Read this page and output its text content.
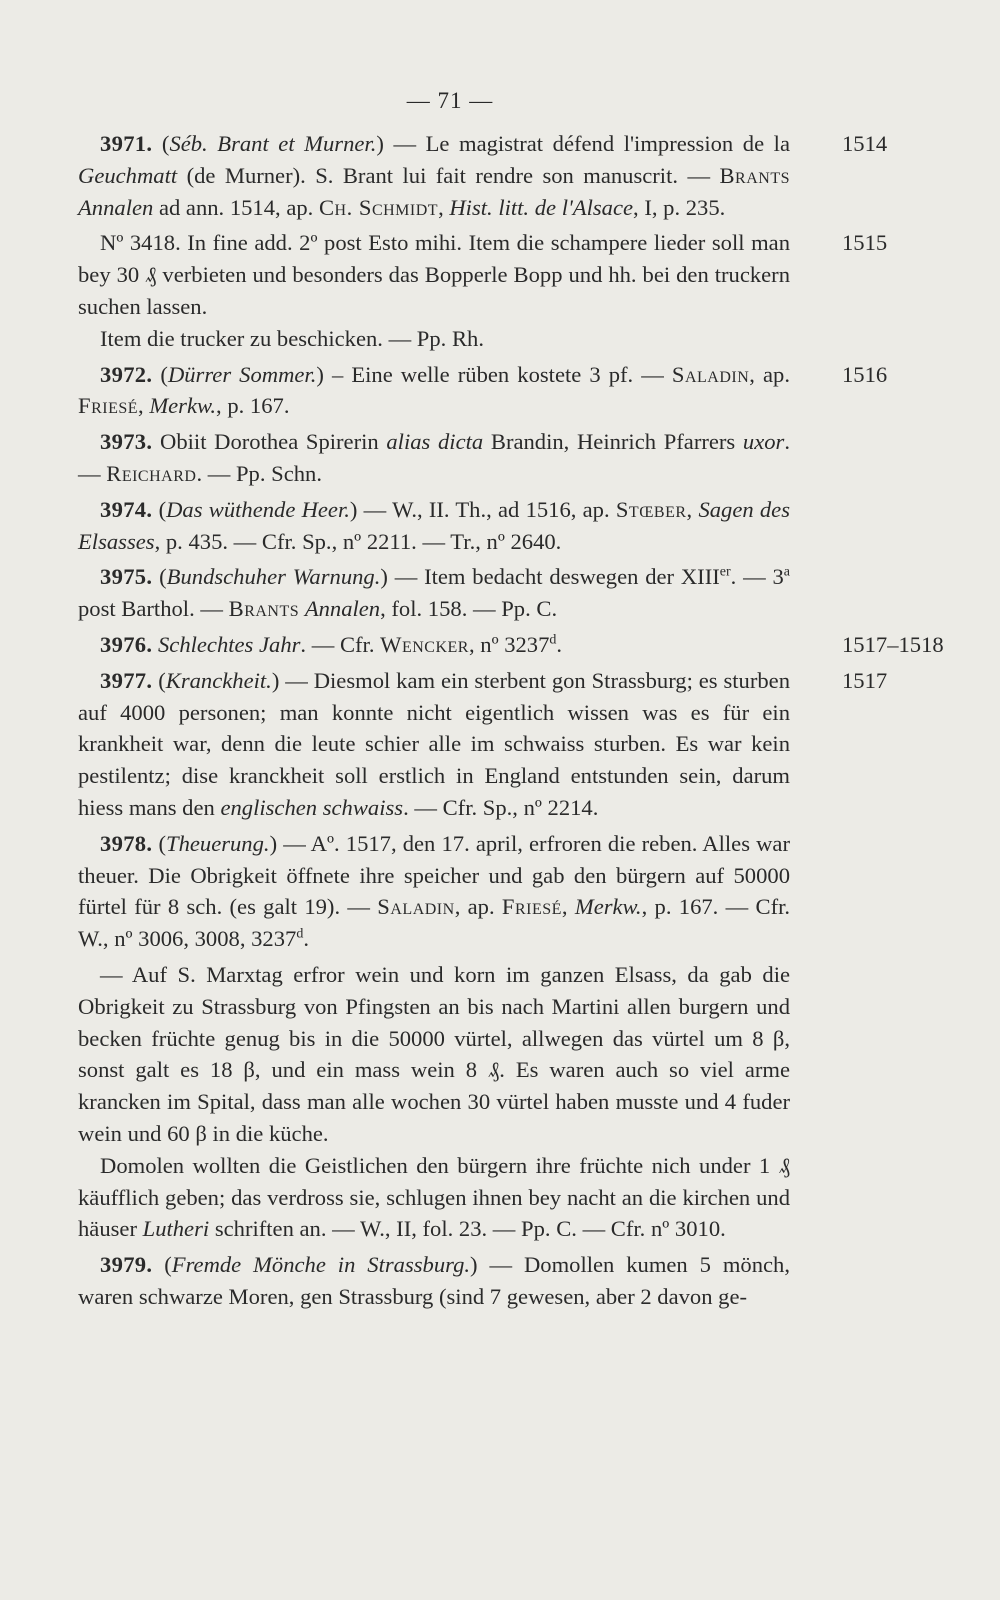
— 71 —

1514
3971. (Séb. Brant et Murner.) — Le magistrat défend l'impression de la Geuchmatt (de Murner). S. Brant lui fait rendre son manuscrit. — Brants Annalen ad ann. 1514, ap. Ch. Schmidt, Hist. litt. de l'Alsace, I, p. 235.

1515
Nº 3418. In fine add. 2º post Esto mihi. Item die schampere lieder soll man bey 30 ₰ verbieten und besonders das Bopperle Bopp und hh. bei den truckern suchen lassen.

Item die trucker zu beschicken. — Pp. Rh.

1516
3972. (Dürrer Sommer.) – Eine welle rüben kostete 3 pf. — Saladin, ap. Friesé, Merkw., p. 167.

3973. Obiit Dorothea Spirerin alias dicta Brandin, Heinrich Pfarrers uxor. — Reichard. — Pp. Schn.

3974. (Das wüthende Heer.) — W., II. Th., ad 1516, ap. Stœber, Sagen des Elsasses, p. 435. — Cfr. Sp., nº 2211. — Tr., nº 2640.

3975. (Bundschuher Warnung.) — Item bedacht deswegen der XIIIer. — 3$^a$ post Barthol. — Brants Annalen, fol. 158. — Pp. C.

1517–1518
3976. Schlechtes Jahr. — Cfr. Wencker, nº 3237$^d$.

1517
3977. (Kranckheit.) — Diesmol kam ein sterbent gon Strassburg; es sturben auf 4000 personen; man konnte nicht eigentlich wissen was es für ein krankheit war, denn die leute schier alle im schwaiss sturben. Es war kein pestilentz; dise kranckheit soll erstlich in England entstunden sein, darum hiess mans den englischen schwaiss. — Cfr. Sp., nº 2214.

3978. (Theuerung.) — Aº. 1517, den 17. april, erfroren die reben. Alles war theuer. Die Obrigkeit öffnete ihre speicher und gab den bürgern auf 50000 fürtel für 8 sch. (es galt 19). — Saladin, ap. Friesé, Merkw., p. 167. — Cfr. W., nº 3006, 3008, 3237$^d$.

— Auf S. Marxtag erfror wein und korn im ganzen Elsass, da gab die Obrigkeit zu Strassburg von Pfingsten an bis nach Martini allen burgern und becken früchte genug bis in die 50000 vürtel, allwegen das vürtel um 8 β, sonst galt es 18 β, und ein mass wein 8 ₰. Es waren auch so viel arme krancken im Spital, dass man alle wochen 30 vürtel haben musste und 4 fuder wein und 60 β in die küche.

Domolen wollten die Geistlichen den bürgern ihre früchte nich under 1 ₰ käufflich geben; das verdross sie, schlugen ihnen bey nacht an die kirchen und häuser Lutheri schriften an. — W., II, fol. 23. — Pp. C. — Cfr. nº 3010.

3979. (Fremde Mönche in Strassburg.) — Domollen kumen 5 mönch, waren schwarze Moren, gen Strassburg (sind 7 gewesen, aber 2 davon ge-
